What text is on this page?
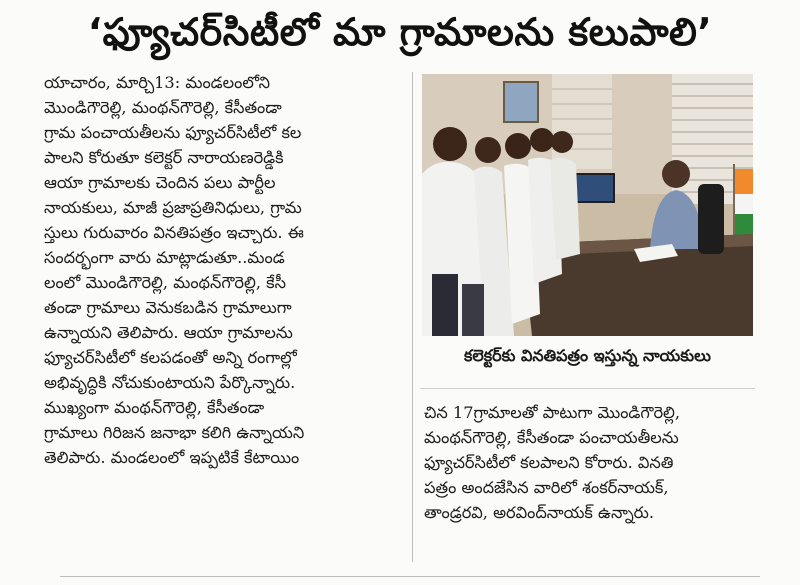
‘ఫ్యూచర్‌సిటీలో మా గ్రామాలను కలుపాలి’
యాచారం, మార్చి13: మండలంలోని
మొండిగౌరెల్లి, మంథన్‌గౌరెల్లి, కేసీతండా
గ్రామ పంచాయతీలను ఫ్యూచర్‌సిటీలో కల
పాలని కోరుతూ కలెక్టర్ నారాయణరెడ్డికి
ఆయా గ్రామాలకు చెందిన పలు పార్టీల
నాయకులు, మాజీ ప్రజాప్రతినిధులు, గ్రామ
స్తులు గురువారం వినతిపత్రం ఇచ్చారు. ఈ
సందర్భంగా వారు మాట్లాడుతూ..మండ
లంలో మొండిగౌరెల్లి, మంథన్‌గౌరెల్లి, కేసీ
తండా గ్రామాలు వెనుకబడిన గ్రామాలుగా
ఉన్నాయని తెలిపారు. ఆయా గ్రామాలను
ఫ్యూచర్‌సిటీలో కలపడంతో అన్ని రంగాల్లో
అభివృద్ధికి నోచుకుంటాయని పేర్కొన్నారు.
ముఖ్యంగా మంథన్‌గౌరెల్లి, కేసీతండా
గ్రామాలు గిరిజన జనాభా కలిగి ఉన్నాయని
తెలిపారు. మండలంలో ఇప్పటికే కేటాయిం
కలెక్టర్‌కు వినతిపత్రం ఇస్తున్న నాయకులు
చిన 17గ్రామాలతో పాటుగా మొండిగౌరెల్లి,
మంథన్‌గౌరెల్లి, కేసీతండా పంచాయతీలను
ఫ్యూచర్‌సిటీలో కలపాలని కోరారు. వినతి
పత్రం అందజేసిన వారిలో శంకర్‌నాయక్,
తాండ్రరవి, అరవింద్‌నాయక్ ఉన్నారు.
